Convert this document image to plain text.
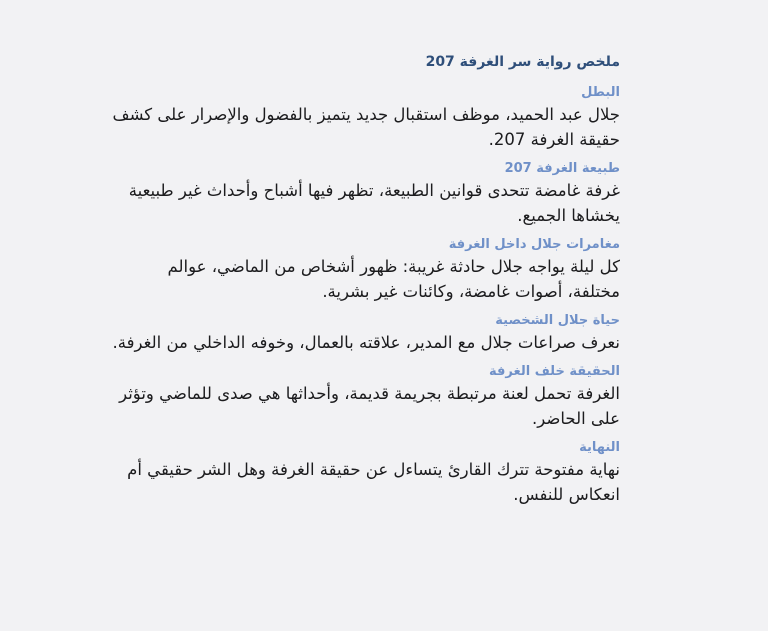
ملخص رواية سر الغرفة 207
البطل
جلال عبد الحميد، موظف استقبال جديد يتميز بالفضول والإصرار على كشف حقيقة الغرفة 207.
طبيعة الغرفة 207
غرفة غامضة تتحدى قوانين الطبيعة، تظهر فيها أشباح وأحداث غير طبيعية يخشاها الجميع.
مغامرات جلال داخل الغرفة
كل ليلة يواجه جلال حادثة غريبة: ظهور أشخاص من الماضي، عوالم مختلفة، أصوات غامضة، وكائنات غير بشرية.
حياة جلال الشخصية
نعرف صراعات جلال مع المدير، علاقته بالعمال، وخوفه الداخلي من الغرفة.
الحقيقة خلف الغرفة
الغرفة تحمل لعنة مرتبطة بجريمة قديمة، وأحداثها هي صدى للماضي وتؤثر على الحاضر.
النهاية
نهاية مفتوحة تترك القارئ يتساءل عن حقيقة الغرفة وهل الشر حقيقي أم انعكاس للنفس.
